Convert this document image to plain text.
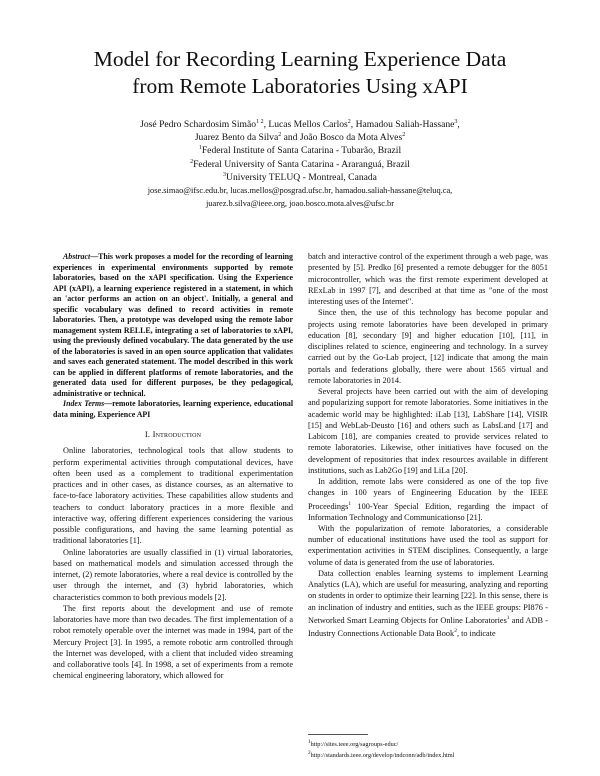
Model for Recording Learning Experience Data
from Remote Laboratories Using xAPI
José Pedro Schardosim Simão$^{1 2}$, Lucas Mellos Carlos$^2$, Hamadou Saliah-Hassane$^3$,
Juarez Bento da Silva$^2$ and João Bosco da Mota Alves$^2$
$^1$Federal Institute of Santa Catarina - Tubarão, Brazil
$^2$Federal University of Santa Catarina - Araranguá, Brazil
$^3$University TELUQ - Montreal, Canada
jose.simao@ifsc.edu.br, lucas.mellos@posgrad.ufsc.br, hamadou.saliah-hassane@teluq.ca,
juarez.b.silva@ieee.org, joao.bosco.mota.alves@ufsc.br

Abstract—This work proposes a model for the recording of learning experiences in experimental environments supported by remote laboratories, based on the xAPI specification. Using the Experience API (xAPI), a learning experience registered in a statement, in which an 'actor performs an action on an object'. Initially, a general and specific vocabulary was defined to record activities in remote laboratories. Then, a prototype was developed using the remote labor management system RELLE, integrating a set of laboratories to xAPI, using the previously defined vocabulary. The data generated by the use of the laboratories is saved in an open source application that validates and saves each generated statement. The model described in this work can be applied in different platforms of remote laboratories, and the generated data used for different purposes, be they pedagogical, administrative or technical.

Index Terms—remote laboratories, learning experience, educational data mining, Experience API

I. Introduction

Online laboratories, technological tools that allow students to perform experimental activities through computational devices, have often been used as a complement to traditional experimentation practices and in other cases, as distance courses, as an alternative to face-to-face laboratory activities. These capabilities allow students and teachers to conduct laboratory practices in a more flexible and interactive way, offering different experiences considering the various possible configurations, and having the same learning potential as traditional laboratories [1].

Online laboratories are usually classified in (1) virtual laboratories, based on mathematical models and simulation accessed through the internet, (2) remote laboratories, where a real device is controlled by the user through the internet, and (3) hybrid laboratories, which characteristics common to both previous models [2].

The first reports about the development and use of remote laboratories have more than two decades. The first implementation of a robot remotely operable over the internet was made in 1994, part of the Mercury Project [3]. In 1995, a remote robotic arm controlled through the Internet was developed, with a client that included video streaming and collaborative tools [4]. In 1998, a set of experiments from a remote chemical engineering laboratory, which allowed for

batch and interactive control of the experiment through a web page, was presented by [5]. Predko [6] presented a remote debugger for the 8051 microcontroller, which was the first remote experiment developed at RExLab in 1997 [7], and described at that time as "one of the most interesting uses of the Internet".

Since then, the use of this technology has become popular and projects using remote laboratories have been developed in primary education [8], secondary [9] and higher education [10], [11], in disciplines related to science, engineering and technology. In a survey carried out by the Go-Lab project, [12] indicate that among the main portals and federations globally, there were about 1565 virtual and remote laboratories in 2014.

Several projects have been carried out with the aim of developing and popularizing support for remote laboratories. Some initiatives in the academic world may be highlighted: iLab [13], LabShare [14], VISIR [15] and WebLab-Deusto [16] and others such as LabsLand [17] and Labicom [18], are companies created to provide services related to remote laboratories. Likewise, other initiatives have focused on the development of repositories that index resources available in different institutions, such as Lab2Go [19] and LiLa [20].

In addition, remote labs were considered as one of the top five changes in 100 years of Engineering Education by the IEEE Proceedings$^1$ 100-Year Special Edition, regarding the impact of Information Technology and Communicationso [21].

With the popularization of remote laboratories, a considerable number of educational institutions have used the tool as support for experimentation activities in STEM disciplines. Consequently, a large volume of data is generated from the use of laboratories.

Data collection enables learning systems to implement Learning Analytics (LA), which are useful for measuring, analyzing and reporting on students in order to optimize their learning [22]. In this sense, there is an inclination of industry and entities, such as the IEEE groups: PI876 - Networked Smart Learning Objects for Online Laboratories$^1$ and ADB - Industry Connections Actionable Data Book$^2$, to indicate

$^1$http://sites.ieee.org/sagroups-educ/
$^2$http://standards.ieee.org/develop/indconn/adb/index.html
